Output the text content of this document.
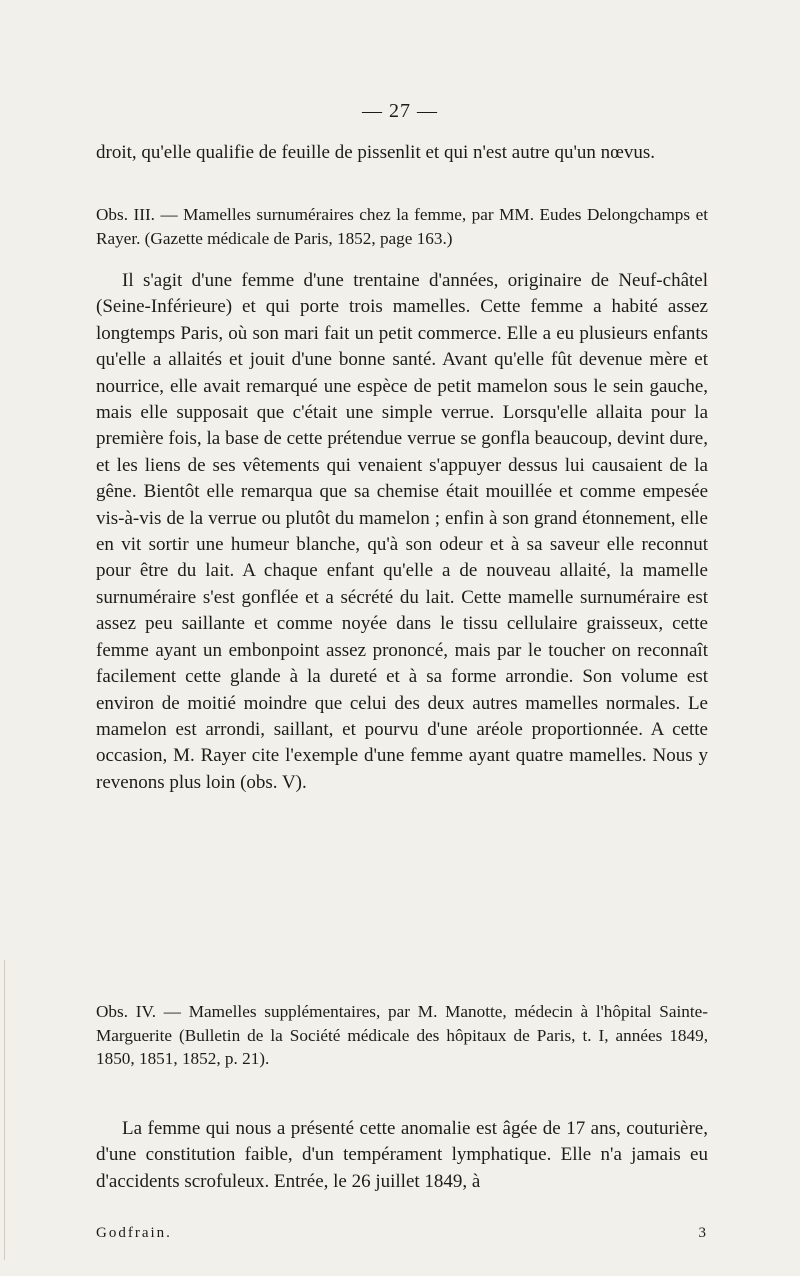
— 27 —

droit, qu'elle qualifie de feuille de pissenlit et qui n'est autre qu'un nœvus.

Obs. III. — Mamelles surnuméraires chez la femme, par MM. Eudes Delongchamps et Rayer. (Gazette médicale de Paris, 1852, page 163.)

Il s'agit d'une femme d'une trentaine d'années, originaire de Neuf-châtel (Seine-Inférieure) et qui porte trois mamelles. Cette femme a habité assez longtemps Paris, où son mari fait un petit commerce. Elle a eu plusieurs enfants qu'elle a allaités et jouit d'une bonne santé. Avant qu'elle fût devenue mère et nourrice, elle avait remarqué une espèce de petit mamelon sous le sein gauche, mais elle supposait que c'était une simple verrue. Lorsqu'elle allaita pour la première fois, la base de cette prétendue verrue se gonfla beaucoup, devint dure, et les liens de ses vêtements qui venaient s'appuyer dessus lui causaient de la gêne. Bientôt elle remarqua que sa chemise était mouillée et comme empesée vis-à-vis de la verrue ou plutôt du mamelon ; enfin à son grand étonnement, elle en vit sortir une humeur blanche, qu'à son odeur et à sa saveur elle reconnut pour être du lait. A chaque enfant qu'elle a de nouveau allaité, la mamelle surnuméraire s'est gonflée et a sécrété du lait. Cette mamelle surnuméraire est assez peu saillante et comme noyée dans le tissu cellulaire graisseux, cette femme ayant un embonpoint assez prononcé, mais par le toucher on reconnaît facilement cette glande à la dureté et à sa forme arrondie. Son volume est environ de moitié moindre que celui des deux autres mamelles normales. Le mamelon est arrondi, saillant, et pourvu d'une aréole proportionnée. A cette occasion, M. Rayer cite l'exemple d'une femme ayant quatre mamelles. Nous y revenons plus loin (obs. V).

Obs. IV. — Mamelles supplémentaires, par M. Manotte, médecin à l'hôpital Sainte-Marguerite (Bulletin de la Société médicale des hôpitaux de Paris, t. I, années 1849, 1850, 1851, 1852, p. 21).

La femme qui nous a présenté cette anomalie est âgée de 17 ans, couturière, d'une constitution faible, d'un tempérament lymphatique. Elle n'a jamais eu d'accidents scrofuleux. Entrée, le 26 juillet 1849, à

Godfrain.	3
